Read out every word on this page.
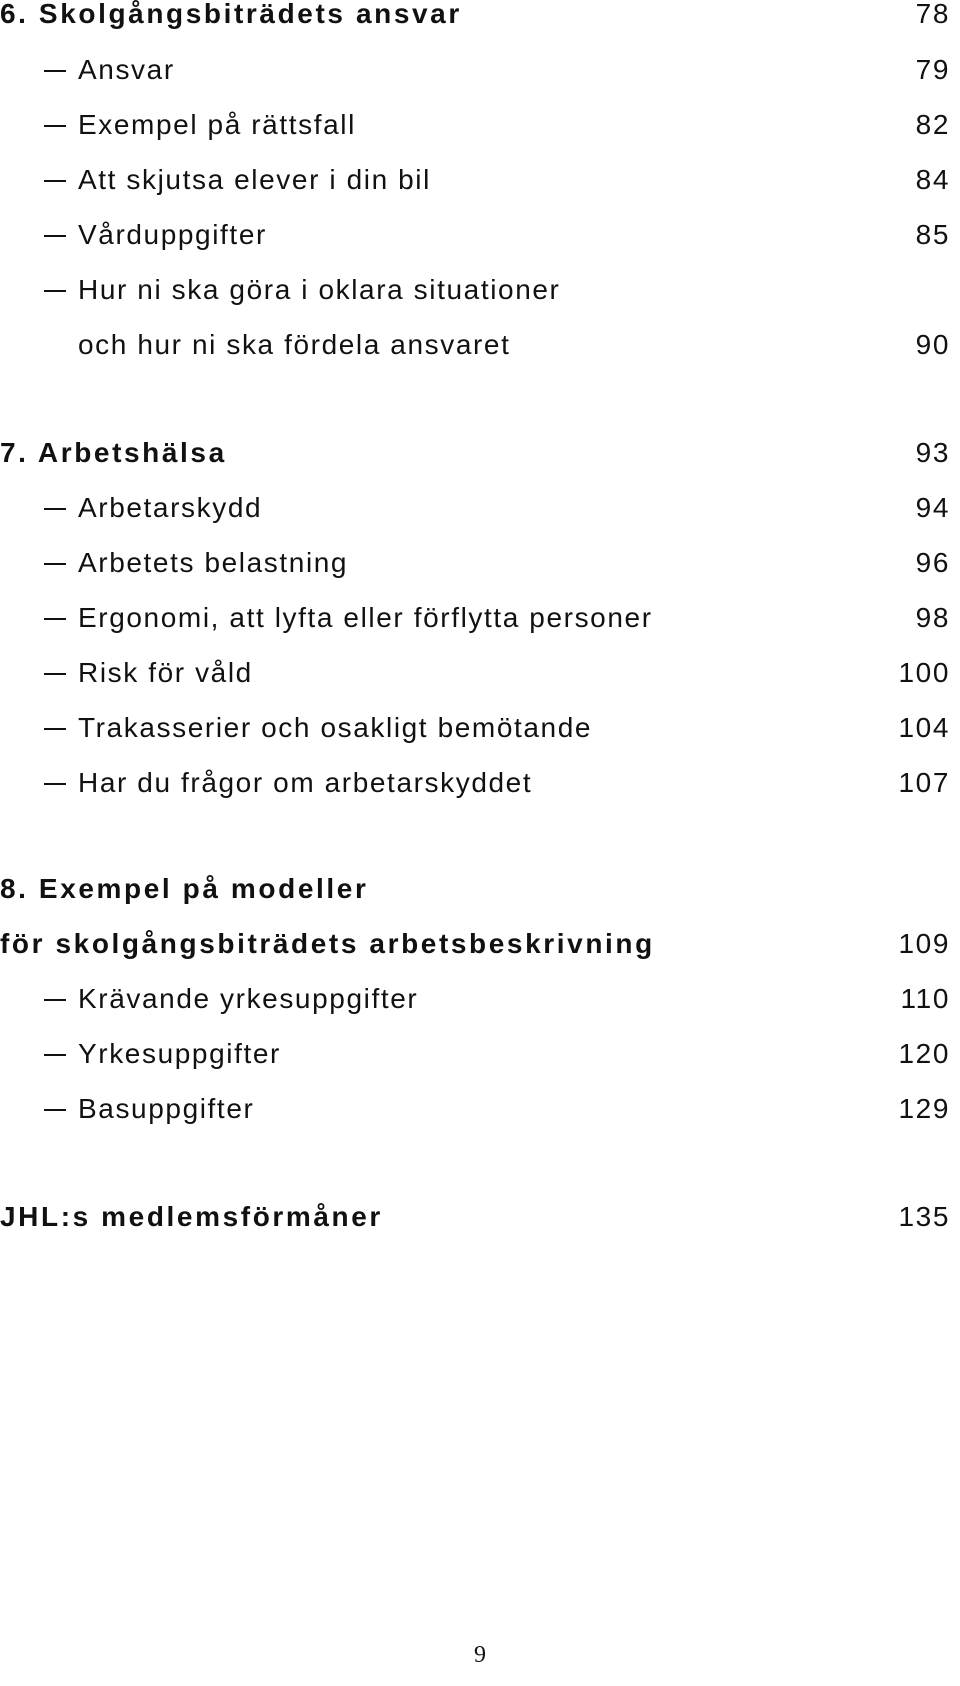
6. Skolgångsbiträdets ansvar	78
Ansvar	79
Exempel på rättsfall	82
Att skjutsa elever i din bil	84
Vårduppgifter	85
Hur ni ska göra i oklara situationer
och hur ni ska fördela ansvaret	90
7. Arbetshälsa	93
Arbetarskydd	94
Arbetets belastning	96
Ergonomi, att lyfta eller förflytta personer	98
Risk för våld	100
Trakasserier och osakligt bemötande	104
Har du frågor om arbetarskyddet	107
8. Exempel på modeller
för skolgångsbiträdets arbetsbeskrivning	109
Krävande yrkesuppgifter	110
Yrkesuppgifter	120
Basuppgifter	129
JHL:s medlemsförmåner	135
9
